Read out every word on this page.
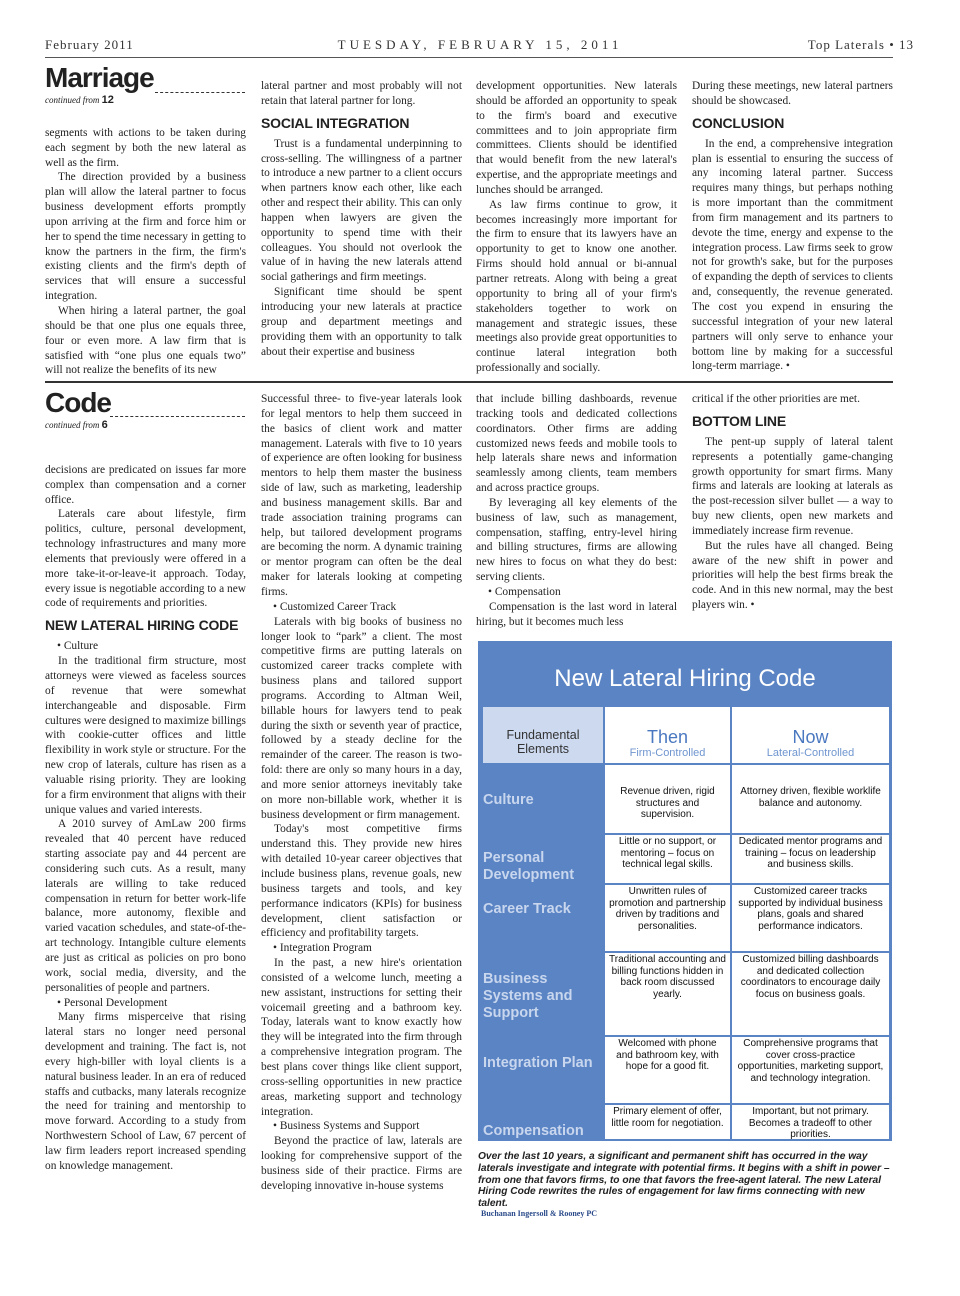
TUESDAY, FEBRUARY 15, 2011
February 2011	Top Laterals • 13
Marriage
continued from 12

segments with actions to be taken during each segment by both the new lateral as well as the firm.

The direction provided by a business plan will allow the lateral partner to focus business development efforts promptly upon arriving at the firm and force him or her to spend the time necessary in getting to know the partners in the firm, the firm's existing clients and the firm's depth of services that will ensure a successful integration.

When hiring a lateral partner, the goal should be that one plus one equals three, four or even more. A law firm that is satisfied with “one plus one equals two” will not realize the benefits of its new

lateral partner and most probably will not retain that lateral partner for long.

SOCIAL INTEGRATION

Trust is a fundamental underpinning to cross-selling. The willingness of a partner to introduce a new partner to a client occurs when partners know each other, like each other and respect their ability. This can only happen when lawyers are given the opportunity to spend time with their colleagues. You should not overlook the value of in having the new laterals attend social gatherings and firm meetings.

Significant time should be spent introducing your new laterals at practice group and department meetings and providing them with an opportunity to talk about their expertise and business

development opportunities. New laterals should be afforded an opportunity to speak to the firm's board and executive committees and to join appropriate firm committees. Clients should be identified that would benefit from the new lateral's expertise, and the appropriate meetings and lunches should be arranged.

As law firms continue to grow, it becomes increasingly more important for the firm to ensure that its lawyers have an opportunity to get to know one another. Firms should hold annual or bi-annual partner retreats. Along with being a great opportunity to bring all of your firm's stakeholders together to work on management and strategic issues, these meetings also provide great opportunities to continue lateral integration both professionally and socially.

During these meetings, new lateral partners should be showcased.

CONCLUSION

In the end, a comprehensive integration plan is essential to ensuring the success of any incoming lateral partner. Success requires many things, but perhaps nothing is more important than the commitment from firm management and its partners to devote the time, energy and expense to the integration process. Law firms seek to grow not for growth's sake, but for the purposes of expanding the depth of services to clients and, consequently, the revenue generated. The cost you expend in ensuring the successful integration of your new lateral partners will only serve to enhance your bottom line by making for a successful long-term marriage. •

Code
continued from 6

decisions are predicated on issues far more complex than compensation and a corner office.

Laterals care about lifestyle, firm politics, culture, personal development, technology infrastructures and many more elements that previously were offered in a more take-it-or-leave-it approach. Today, every issue is negotiable according to a new code of requirements and priorities.

NEW LATERAL HIRING CODE

• Culture

In the traditional firm structure, most attorneys were viewed as faceless sources of revenue that were somewhat interchangeable and disposable. Firm cultures were designed to maximize billings with cookie-cutter offices and little flexibility in work style or structure. For the new crop of laterals, culture has risen as a valuable rising priority. They are looking for a firm environment that aligns with their unique values and varied interests.

A 2010 survey of AmLaw 200 firms revealed that 40 percent have reduced starting associate pay and 44 percent are considering such cuts. As a result, many laterals are willing to take reduced compensation in return for better work-life balance, more autonomy, flexible and varied vacation schedules, and state-of-the-art technology. Intangible culture elements are just as critical as policies on pro bono work, social media, diversity, and the personalities of people and partners.

• Personal Development

Many firms misperceive that rising lateral stars no longer need personal development and training. The fact is, not every high-biller with loyal clients is a natural business leader. In an era of reduced staffs and cutbacks, many laterals recognize the need for training and mentorship to move forward. According to a study from Northwestern School of Law, 67 percent of law firm leaders report increased spending on knowledge management.

Successful three- to five-year laterals look for legal mentors to help them succeed in the basics of client work and matter management. Laterals with five to 10 years of experience are often looking for business mentors to help them master the business side of law, such as marketing, leadership and business management skills. Bar and trade association training programs can help, but tailored development programs are becoming the norm. A dynamic training or mentor program can often be the deal maker for laterals looking at competing firms.

• Customized Career Track

Laterals with big books of business no longer look to “park” a client. The most competitive firms are putting laterals on customized career tracks complete with business plans and tailored support programs. According to Altman Weil, billable hours for lawyers tend to peak during the sixth or seventh year of practice, followed by a steady decline for the remainder of the career. The reason is two-fold: there are only so many hours in a day, and more senior attorneys inevitably take on more non-billable work, whether it is business development or firm management.

Today's most competitive firms understand this. They provide new hires with detailed 10-year career objectives that include business plans, revenue goals, new business targets and tools, and key performance indicators (KPIs) for business development, client satisfaction or efficiency and profitability targets.

• Integration Program

In the past, a new hire's orientation consisted of a welcome lunch, meeting a new assistant, instructions for setting their voicemail greeting and a bathroom key. Today, laterals want to know exactly how they will be integrated into the firm through a comprehensive integration program. The best plans cover things like client support, cross-selling opportunities in new practice areas, marketing support and technology integration.

• Business Systems and Support

Beyond the practice of law, laterals are looking for comprehensive support of the business side of their practice. Firms are developing innovative in-house systems

that include billing dashboards, revenue tracking tools and dedicated collections coordinators. Other firms are adding customized news feeds and mobile tools to help laterals share news and information seamlessly among clients, team members and across practice groups.

By leveraging all key elements of the business of law, such as management, compensation, staffing, entry-level hiring and billing structures, firms are allowing new hires to focus on what they do best: serving clients.

• Compensation

Compensation is the last word in lateral hiring, but it becomes much less

critical if the other priorities are met.

BOTTOM LINE

The pent-up supply of lateral talent represents a potentially game-changing growth opportunity for smart firms. Many firms and laterals are looking at laterals as the post-recession silver bullet — a way to buy new clients, open new markets and immediately increase firm revenue.

But the rules have all changed. Being aware of the new shift in power and priorities will help the best firms break the code. And in this new normal, may the best players win. •

New Lateral Hiring Code
Fundamental Elements
Then
Firm-Controlled
Now
Lateral-Controlled
Culture
Revenue driven, rigid structures and supervision.
Attorney driven, flexible worklife balance and autonomy.
Personal Development
Little or no support, or mentoring – focus on technical legal skills.
Dedicated mentor programs and training – focus on leadership and business skills.
Career Track
Unwritten rules of promotion and partnership driven by traditions and personalities.
Customized career tracks supported by individual business plans, goals and shared performance indicators.
Business Systems and Support
Traditional accounting and billing functions hidden in back room discussed yearly.
Customized billing dashboards and dedicated collection coordinators to encourage daily focus on business goals.
Integration Plan
Welcomed with phone and bathroom key, with hope for a good fit.
Comprehensive programs that cover cross-practice opportunities, marketing support, and technology integration.
Compensation
Primary element of offer, little room for negotiation.
Important, but not primary. Becomes a tradeoff to other priorities.
Over the last 10 years, a significant and permanent shift has occurred in the way laterals investigate and integrate with potential firms. It begins with a shift in power – from one that favors firms, to one that favors the free-agent lateral. The new Lateral Hiring Code rewrites the rules of engagement for law firms connecting with new talent.
Buchanan Ingersoll & Rooney PC
